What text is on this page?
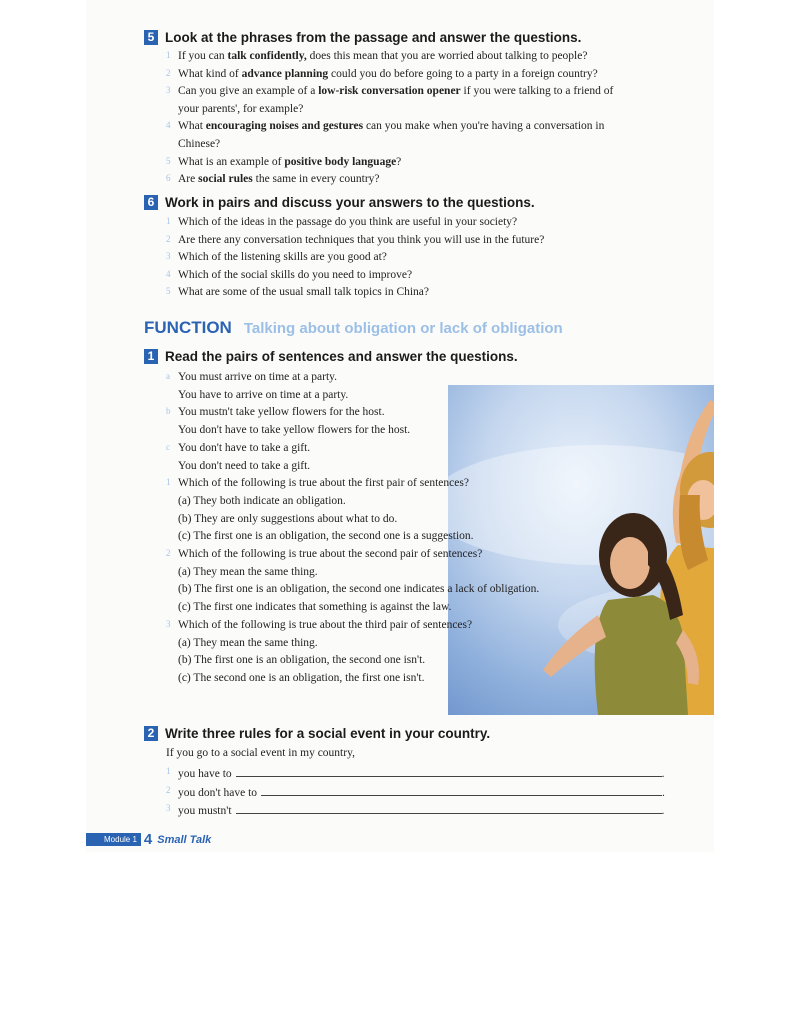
5 Look at the phrases from the passage and answer the questions.
1 If you can talk confidently, does this mean that you are worried about talking to people?
2 What kind of advance planning could you do before going to a party in a foreign country?
3 Can you give an example of a low-risk conversation opener if you were talking to a friend of
your parents', for example?
4 What encouraging noises and gestures can you make when you're having a conversation in
Chinese?
5 What is an example of positive body language?
6 Are social rules the same in every country?
6 Work in pairs and discuss your answers to the questions.
1 Which of the ideas in the passage do you think are useful in your society?
2 Are there any conversation techniques that you think you will use in the future?
3 Which of the listening skills are you good at?
4 Which of the social skills do you need to improve?
5 What are some of the usual small talk topics in China?
FUNCTION Talking about obligation or lack of obligation
1 Read the pairs of sentences and answer the questions.
a You must arrive on time at a party.
You have to arrive on time at a party.
b You mustn't take yellow flowers for the host.
You don't have to take yellow flowers for the host.
c You don't have to take a gift.
You don't need to take a gift.
1 Which of the following is true about the first pair of sentences?
(a) They both indicate an obligation.
(b) They are only suggestions about what to do.
(c) The first one is an obligation, the second one is a suggestion.
2 Which of the following is true about the second pair of sentences?
(a) They mean the same thing.
(b) The first one is an obligation, the second one indicates a lack of obligation.
(c) The first one indicates that something is against the law.
3 Which of the following is true about the third pair of sentences?
(a) They mean the same thing.
(b) The first one is an obligation, the second one isn't.
(c) The second one is an obligation, the first one isn't.
2 Write three rules for a social event in your country.
If you go to a social event in my country,
1 you have to	.
2 you don't have to	.
3 you mustn't	.
Module 1 4 Small Talk
